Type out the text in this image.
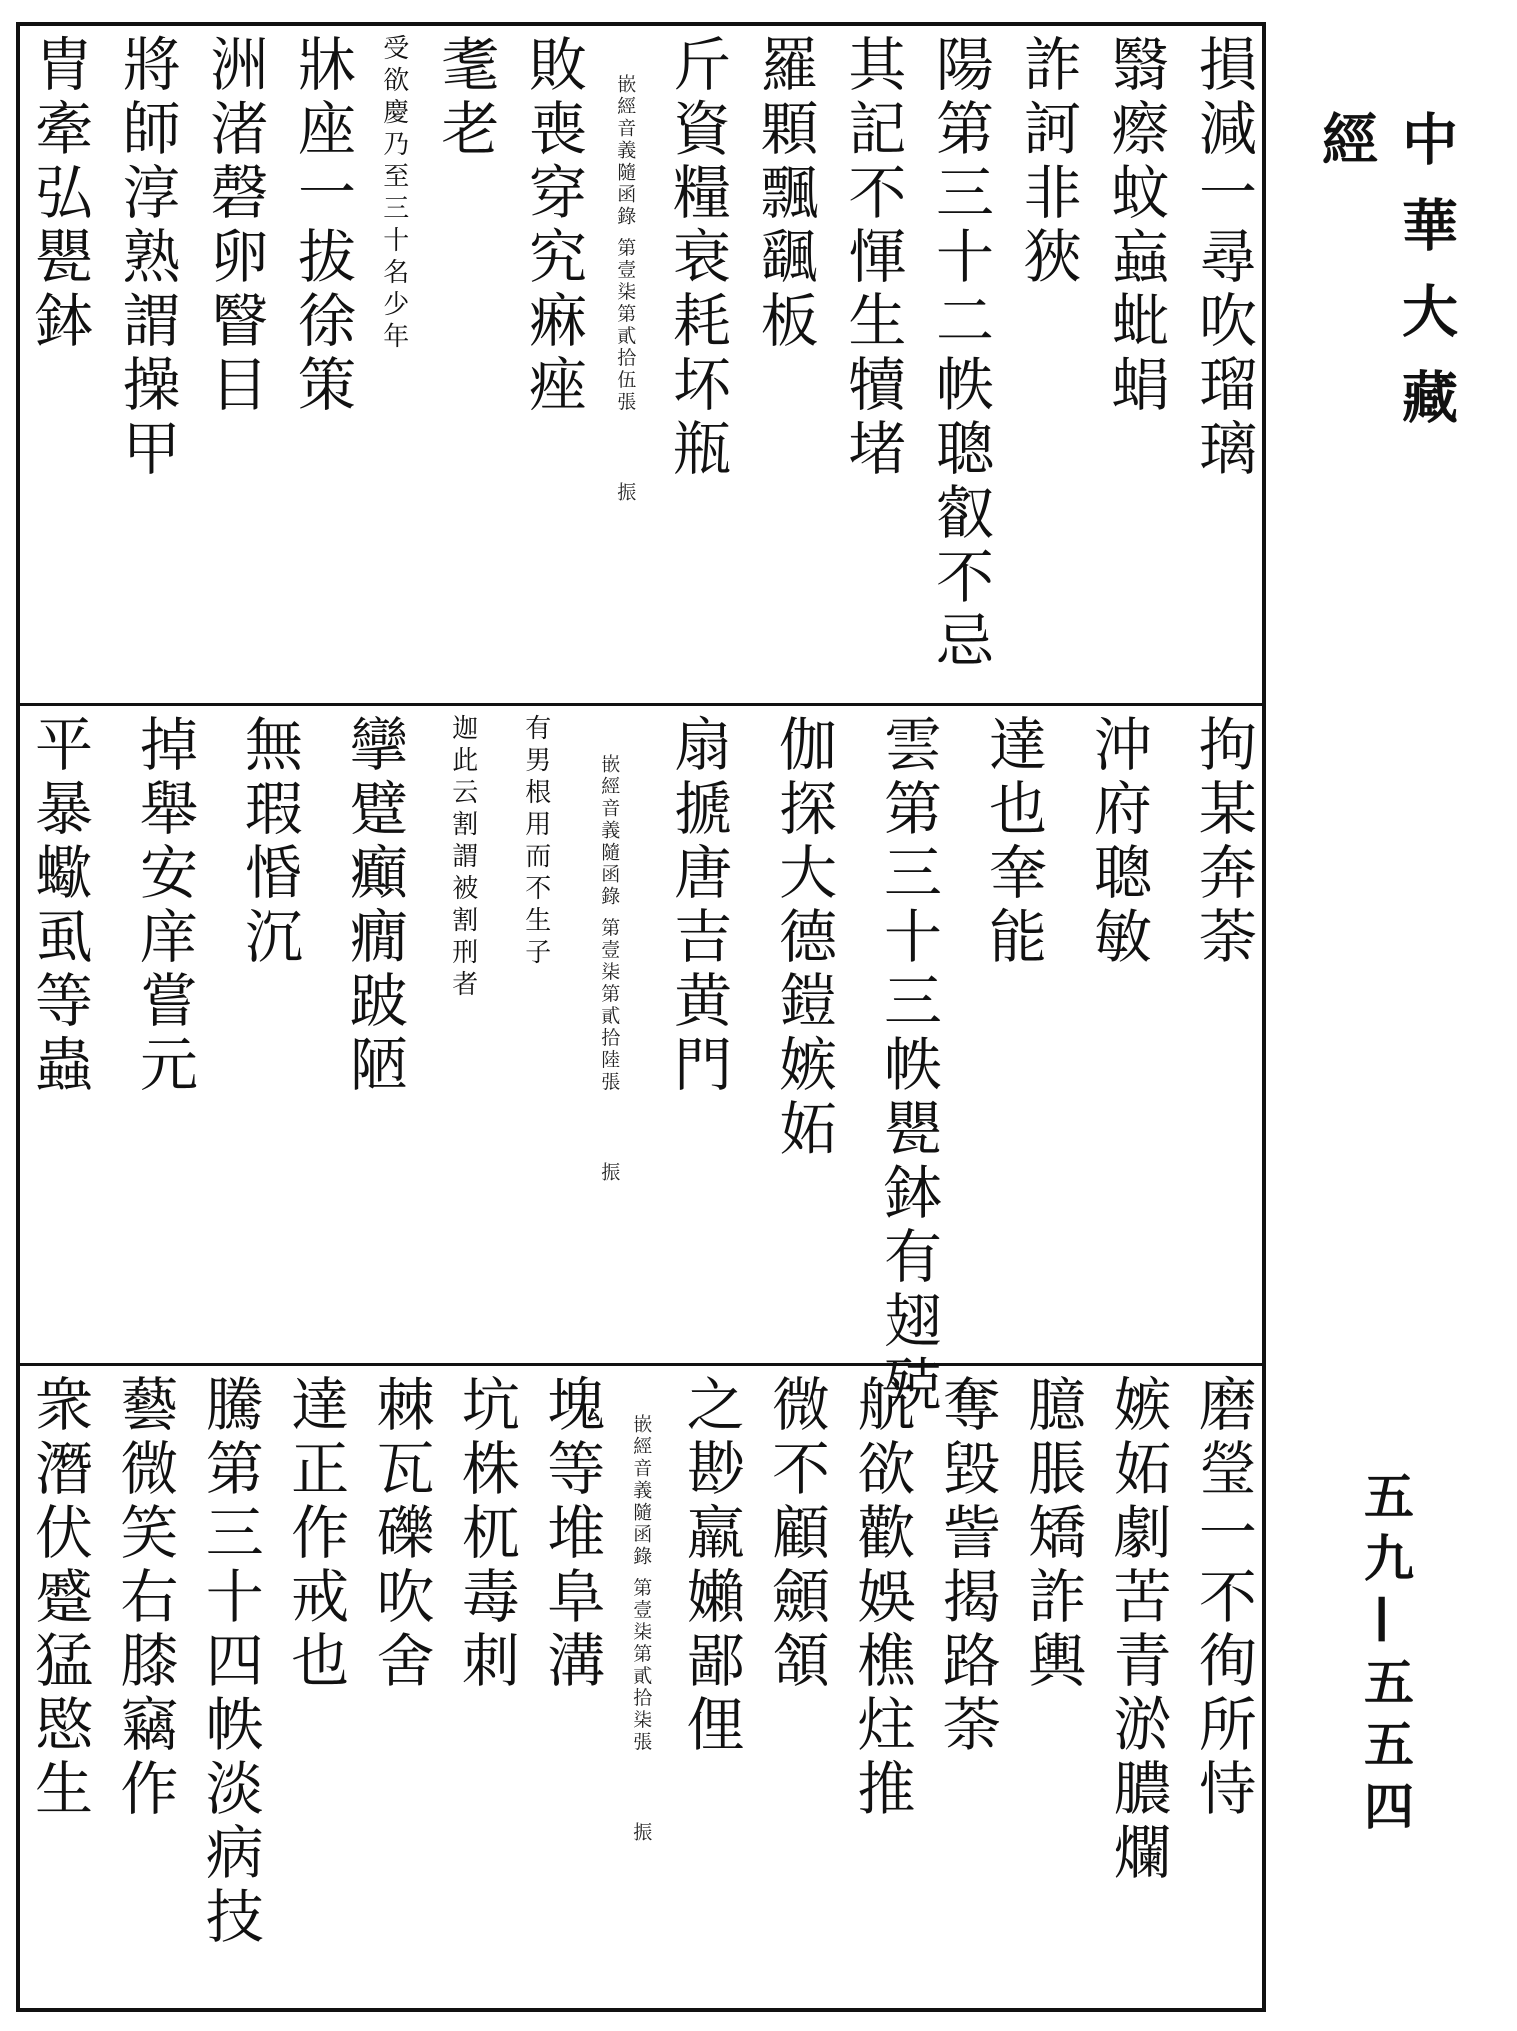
損減一尋吹瑠璃
翳瘵蚊蝱蚍蜎
詐訶非狹
陽第三十二帙聰叡不忌
其記不惲生犢堵
羅顆飄颻板
斤資糧衰耗坏瓶
嵌經音義隨函錄 第壹柒第貳拾伍張 振
敗喪穿究痳痤
耄老
受欲慶乃至三十名少年
牀座一拔徐策
洲渚磬卵瞖目
將師淳熟謂操甲
胄牽弘甖鉢
拘某奔荼
沖府聰敏
達也羍能
雲第三十三帙甖鉢有翅殑
伽探大德鎧嫉妬
扇搋唐吉黄門
嵌經音義隨函錄 第壹柒第貳拾陸張 振
有男根用而不生子
迦此云割謂被割刑者
攣躄癲癇跛陋
無瑕惛沉
掉舉安庠嘗元
平暴蠍虱等蟲
磨瑩一不徇所恃
嫉妬劇苦青淤膿爛
臆脹矯詐輿
奪毀訾揭路荼
航欲歡娛樵炷推
微不顧顩頷
之尠羸嬾鄙俚
嵌經音義隨函錄 第壹柒第貳拾柒張 振
塊等堆阜溝
坑株杌毒刺
棘瓦礫吹舍
達正作戒也
騰第三十四帙淡病技
藝微笑右膝竊作
衆潛伏蹙猛愍生
中華大藏經
五九—五五四
